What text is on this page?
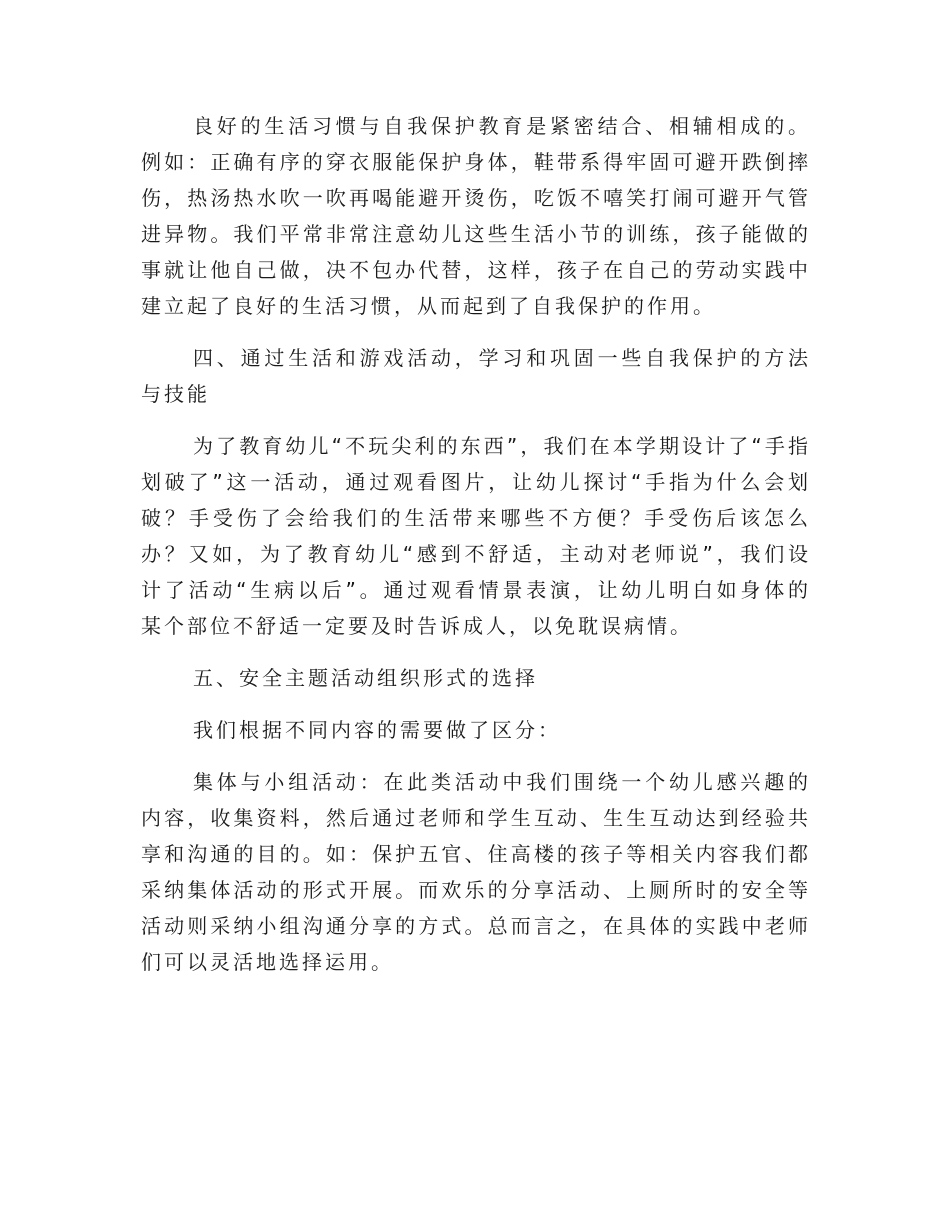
良好的生活习惯与自我保护教育是紧密结合、相辅相成的。例如：正确有序的穿衣服能保护身体，鞋带系得牢固可避开跌倒摔伤，热汤热水吹一吹再喝能避开烫伤，吃饭不嘻笑打闹可避开气管进异物。我们平常非常注意幼儿这些生活小节的训练，孩子能做的事就让他自己做，决不包办代替，这样，孩子在自己的劳动实践中建立起了良好的生活习惯，从而起到了自我保护的作用。

四、通过生活和游戏活动，学习和巩固一些自我保护的方法与技能

为了教育幼儿“不玩尖利的东西”，我们在本学期设计了“手指划破了”这一活动，通过观看图片，让幼儿探讨“手指为什么会划破？手受伤了会给我们的生活带来哪些不方便？手受伤后该怎么办？又如，为了教育幼儿“感到不舒适，主动对老师说”，我们设计了活动“生病以后”。通过观看情景表演，让幼儿明白如身体的某个部位不舒适一定要及时告诉成人，以免耽误病情。

五、安全主题活动组织形式的选择

我们根据不同内容的需要做了区分：

集体与小组活动：在此类活动中我们围绕一个幼儿感兴趣的内容，收集资料，然后通过老师和学生互动、生生互动达到经验共享和沟通的目的。如：保护五官、住高楼的孩子等相关内容我们都采纳集体活动的形式开展。而欢乐的分享活动、上厕所时的安全等活动则采纳小组沟通分享的方式。总而言之，在具体的实践中老师们可以灵活地选择运用。
